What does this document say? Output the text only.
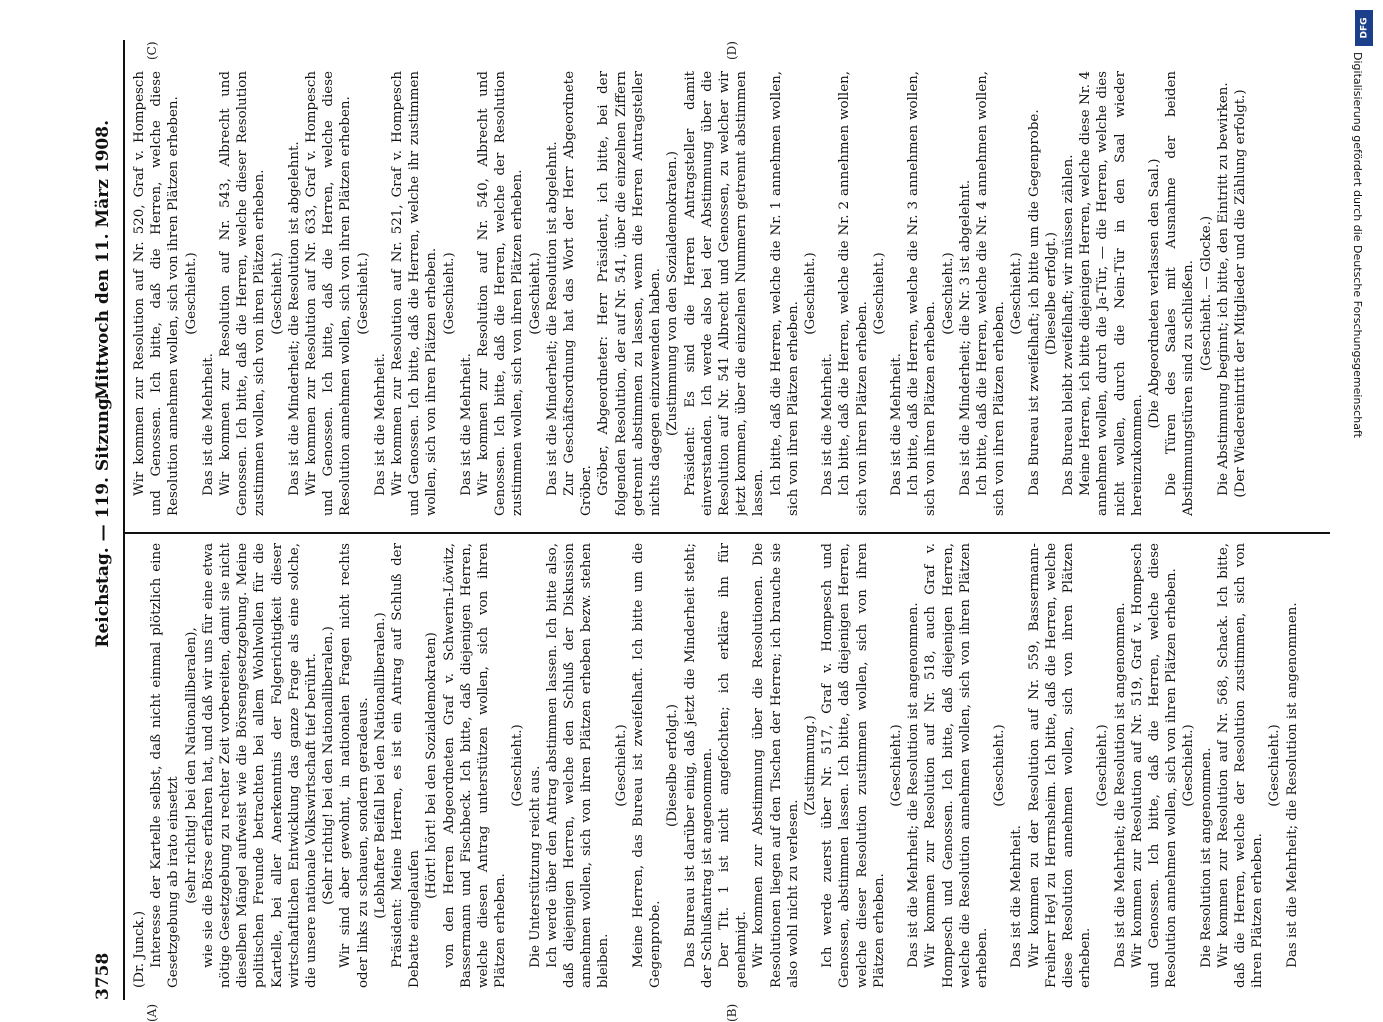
3758
Reichstag. — 119. Sitzung.
Mittwoch den 11. März 1908.
(A)	(B)
(C)	(D)

(Dr. Junck.) Interesse der Kartelle selbst, daß nicht einmal plötzlich eine Gesetzgebung ab irato einsetzt (sehr richtig! bei den Nationalliberalen), wie sie die Börse erfahren hat, und daß wir uns für eine etwa nötige Gesetzgebung zu rechter Zeit vorbereiten, damit sie nicht dieselben Mängel aufweist wie die Börsengesetzgebung. Meine politischen Freunde betrachten bei allem Wohlwollen für die Kartelle, bei aller Anerkenntnis der Folgerichtigkeit dieser wirtschaftlichen Entwicklung das ganze Frage als eine solche, die unsere nationale Volkswirtschaft tief berührt. (Sehr richtig! bei den Nationalliberalen.) Wir sind aber gewohnt, in nationalen Fragen nicht rechts oder links zu schauen, sondern geradeaus. (Lebhafter Beifall bei den Nationalliberalen.) Präsident: Meine Herren, es ist ein Antrag auf Schluß der Debatte eingelaufen

(Hört! hört! bei den Sozialdemokraten) von den Herren Abgeordneten Graf v. Schwerin-Löwitz, Bassermann und Fischbeck. Ich bitte, daß diejenigen Herren, welche diesen Antrag unterstützen wollen, sich von ihren Plätzen erheben.

(Geschieht.)

Die Unterstützung reicht aus. Ich werde über den Antrag abstimmen lassen. Ich bitte also, daß diejenigen Herren, welche den Schluß der Diskussion annehmen wollen, sich von ihren Plätzen erheben bezw. stehen bleiben.

(Geschieht.) Meine Herren, das Bureau ist zweifelhaft. Ich bitte um die Gegenprobe.

(Dieselbe erfolgt.) Das Bureau ist darüber einig, daß jetzt die Minderheit steht; der Schlußantrag ist angenommen. Der Tit. 1 ist nicht angefochten; ich erkläre ihn für genehmigt. Wir kommen zur Abstimmung über die Resolutionen. Die Resolutionen liegen auf den Tischen der Herren; ich brauche sie also wohl nicht zu verlesen.

(Zustimmung.) Ich werde zuerst über Nr. 517, Graf v. Hompesch und Genossen, abstimmen lassen. Ich bitte, daß diejenigen Herren, welche dieser Resolution zustimmen wollen, sich von ihren Plätzen erheben.

(Geschieht.) Das ist die Mehrheit; die Resolution ist angenommen. Wir kommen zur Resolution auf Nr. 518, auch Graf v. Hompesch und Genossen. Ich bitte, daß diejenigen Herren, welche die Resolution annehmen wollen, sich von ihren Plätzen erheben.

(Geschieht.)

Das ist die Mehrheit. Wir kommen zu der Resolution auf Nr. 559, Bassermann-Freiherr Heyl zu Herrnsheim. Ich bitte, daß die Herren, welche diese Resolution annehmen wollen, sich von ihren Plätzen erheben.

(Geschieht.) Das ist die Mehrheit; die Resolution ist angenommen. Wir kommen zur Resolution auf Nr. 519, Graf v. Hompesch und Genossen. Ich bitte, daß die Herren, welche diese Resolution annehmen wollen, sich von ihren Plätzen erheben. (Geschieht.) Die Resolution ist angenommen. Wir kommen zur Resolution auf Nr. 568, Schack. Ich bitte, daß die Herren, welche der Resolution zustimmen, sich von ihren Plätzen erheben.

(Geschieht.) Das ist die Mehrheit; die Resolution ist angenommen.

Wir kommen zur Resolution auf Nr. 520, Graf v. Hompesch und Genossen. Ich bitte, daß die Herren, welche diese Resolution annehmen wollen, sich von ihren Plätzen erheben. (Geschieht.)

Das ist die Mehrheit. Wir kommen zur Resolution auf Nr. 543, Albrecht und Genossen. Ich bitte, daß die Herren, welche dieser Resolution zustimmen wollen, sich von ihren Plätzen erheben. (Geschieht.) Das ist die Minderheit; die Resolution ist abgelehnt. Wir kommen zur Resolution auf Nr. 633, Graf v. Hompesch und Genossen. Ich bitte, daß die Herren, welche diese Resolution annehmen wollen, sich von ihren Plätzen erheben. (Geschieht.)

Das ist die Mehrheit. Wir kommen zur Resolution auf Nr. 521, Graf v. Hompesch und Genossen. Ich bitte, daß die Herren, welche ihr zustimmen wollen, sich von ihren Plätzen erheben. (Geschieht.)

Das ist die Mehrheit. Wir kommen zur Resolution auf Nr. 540, Albrecht und Genossen. Ich bitte, daß die Herren, welche der Resolution zustimmen wollen, sich von ihren Plätzen erheben. (Geschieht.) Das ist die Minderheit; die Resolution ist abgelehnt. Zur Geschäftsordnung hat das Wort der Herr Abgeordnete Gröber. Gröber, Abgeordneter: Herr Präsident, ich bitte, bei der folgenden Resolution, der auf Nr. 541, über die einzelnen Ziffern getrennt abstimmen zu lassen, wenn die Herren Antragsteller nichts dagegen einzuwenden haben. (Zustimmung von den Sozialdemokraten.) Präsident: Es sind die Herren Antragsteller damit einverstanden. Ich werde also bei der Abstimmung über die Resolution auf Nr. 541 Albrecht und Genossen, zu welcher wir jetzt kommen, über die einzelnen Nummern getrennt abstimmen lassen. Ich bitte, daß die Herren, welche die Nr. 1 annehmen wollen, sich von ihren Plätzen erheben.

(Geschieht.)

Das ist die Mehrheit. Ich bitte, daß die Herren, welche die Nr. 2 annehmen wollen, sich von ihren Plätzen erheben.

(Geschieht.)

Das ist die Mehrheit. Ich bitte, daß die Herren, welche die Nr. 3 annehmen wollen, sich von ihren Plätzen erheben.

(Geschieht.) Das ist die Minderheit; die Nr. 3 ist abgelehnt. Ich bitte, daß die Herren, welche die Nr. 4 annehmen wollen, sich von ihren Plätzen erheben.

(Geschieht.) Das Bureau ist zweifelhaft; ich bitte um die Gegenprobe. (Dieselbe erfolgt.) Das Bureau bleibt zweifelhaft; wir müssen zählen. Meine Herren, ich bitte diejenigen Herren, welche diese Nr. 4 annehmen wollen, durch die Ja-Tür, — die Herren, welche dies nicht wollen, durch die Nein-Tür in den Saal wieder hereinzukommen.

(Die Abgeordneten verlassen den Saal.) Die Türen des Saales mit Ausnahme der beiden Abstimmungstüren sind zu schließen. (Geschieht. — Glocke.) Die Abstimmung beginnt; ich bitte, den Eintritt zu bewirken. (Der Wiedereintritt der Mitglieder und die Zählung erfolgt.)

DFG
Digitalisierung gefördert durch die Deutsche Forschungsgemeinschaft
